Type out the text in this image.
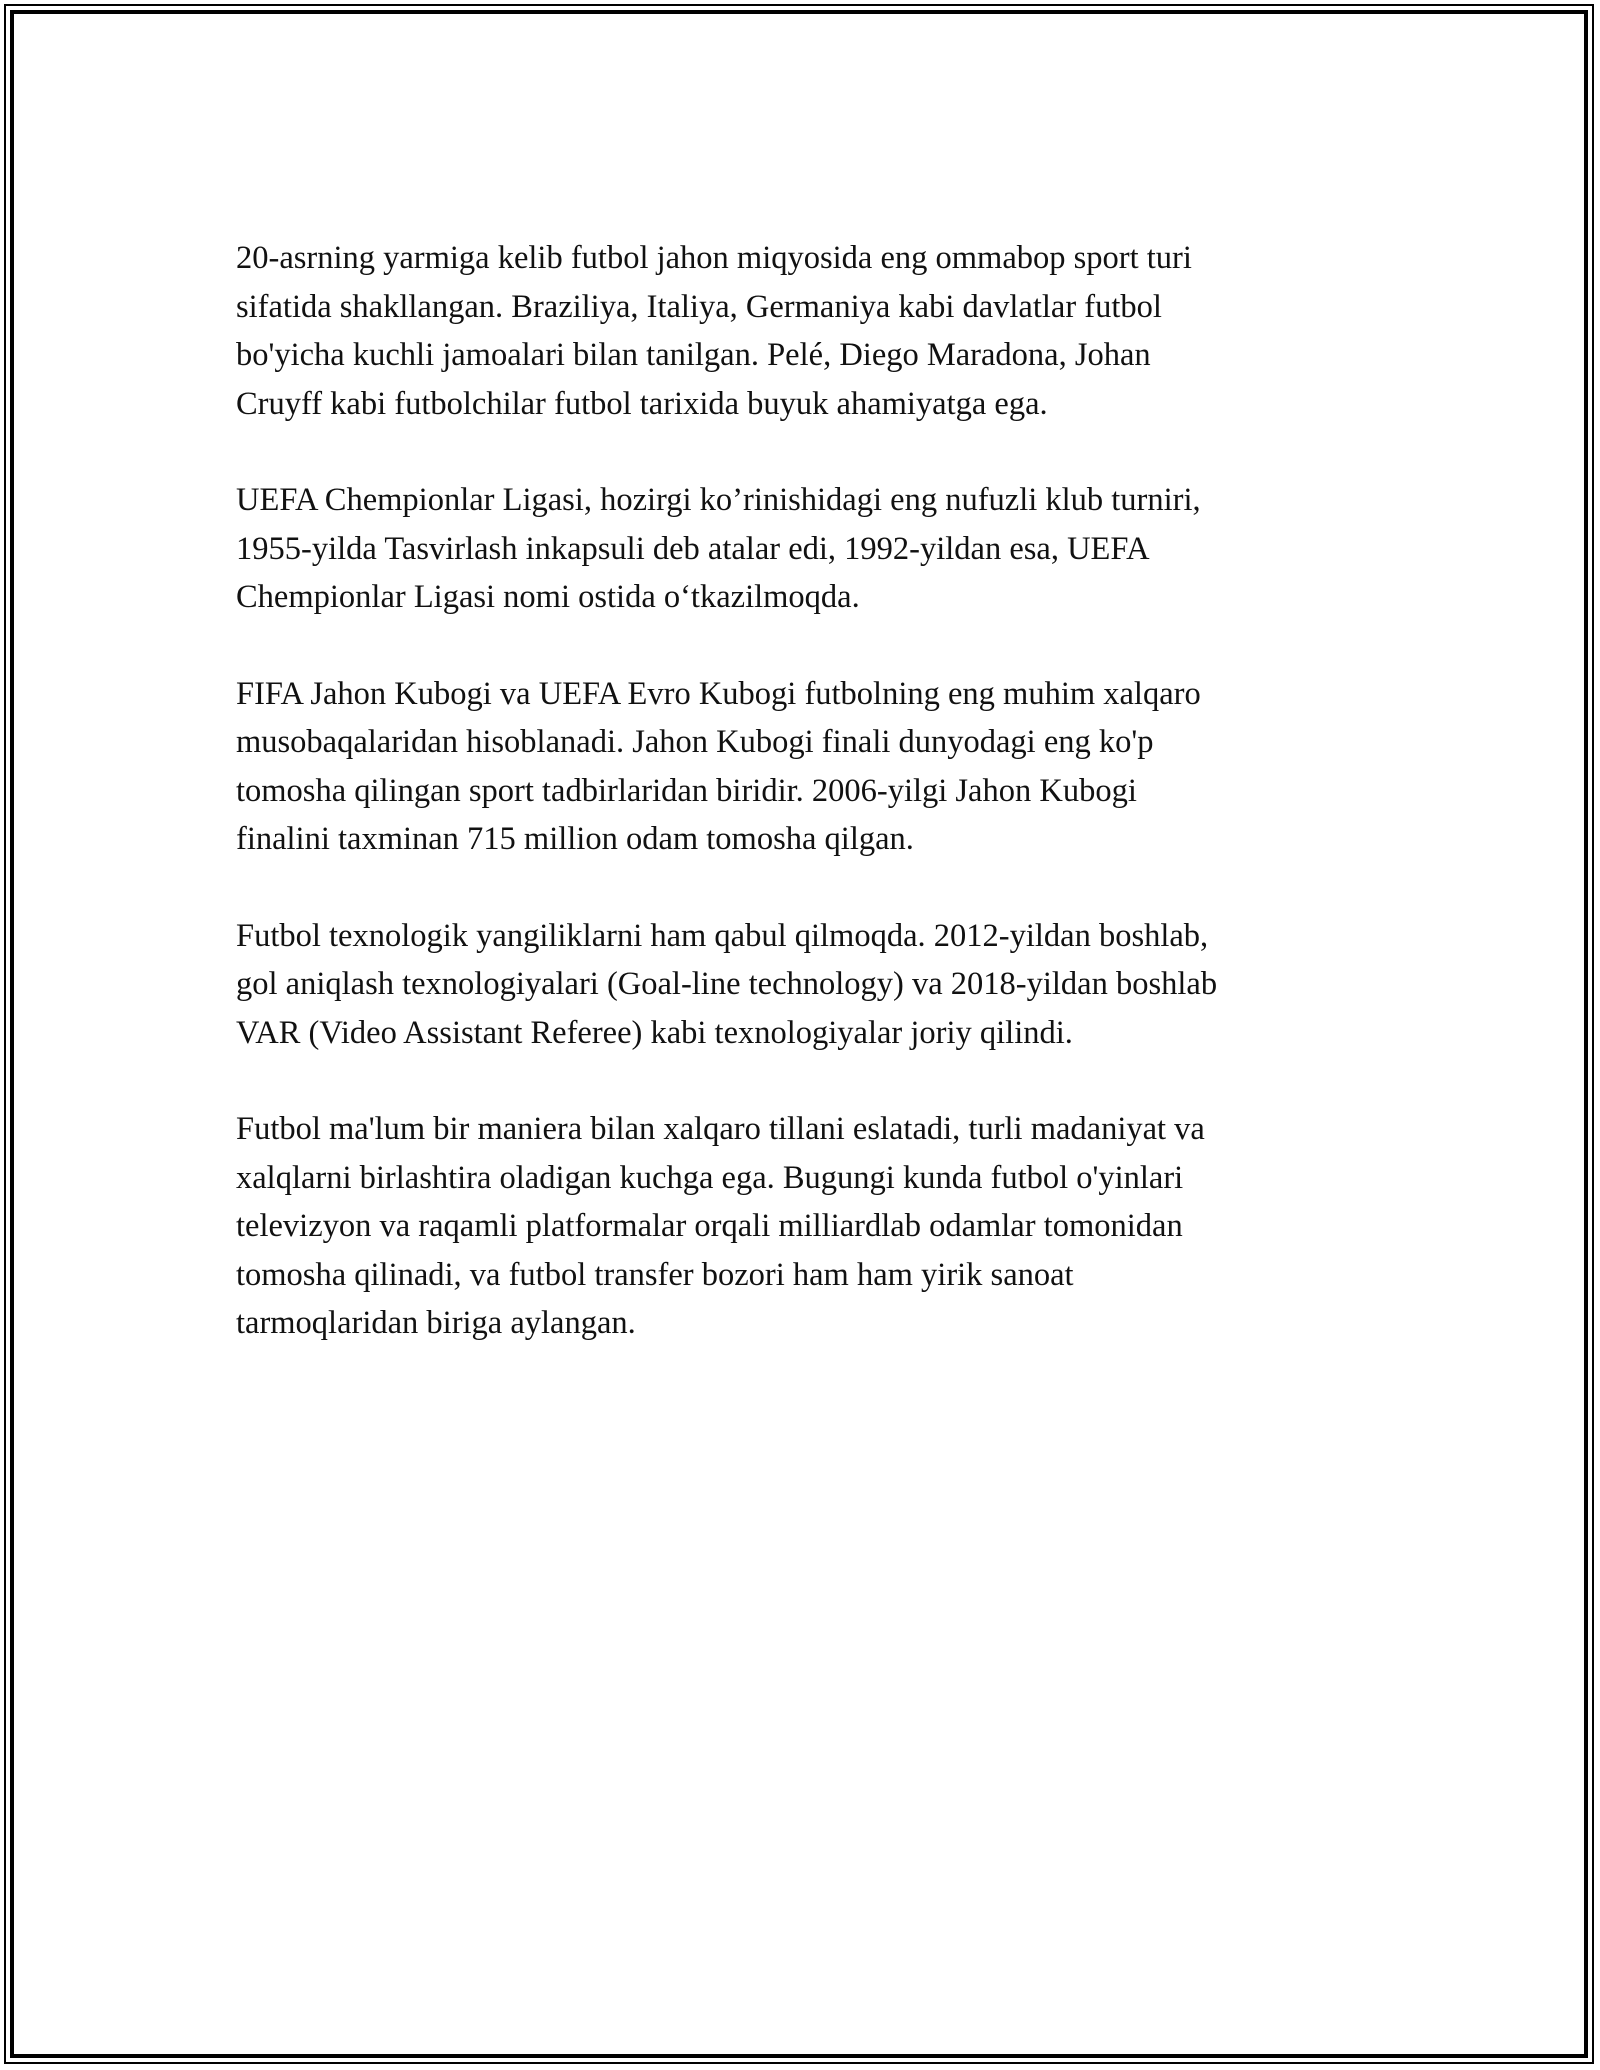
20-asrning yarmiga kelib futbol jahon miqyosida eng ommabop sport turi
sifatida shakllangan. Braziliya, Italiya, Germaniya kabi davlatlar futbol
bo'yicha kuchli jamoalari bilan tanilgan. Pelé, Diego Maradona, Johan
Cruyff kabi futbolchilar futbol tarixida buyuk ahamiyatga ega.

UEFA Chempionlar Ligasi, hozirgi ko’rinishidagi eng nufuzli klub turniri,
1955-yilda Tasvirlash inkapsuli deb atalar edi, 1992-yildan esa, UEFA
Chempionlar Ligasi nomi ostida o‘tkazilmoqda.

FIFA Jahon Kubogi va UEFA Evro Kubogi futbolning eng muhim xalqaro
musobaqalaridan hisoblanadi. Jahon Kubogi finali dunyodagi eng ko'p
tomosha qilingan sport tadbirlaridan biridir. 2006-yilgi Jahon Kubogi
finalini taxminan 715 million odam tomosha qilgan.

Futbol texnologik yangiliklarni ham qabul qilmoqda. 2012-yildan boshlab,
gol aniqlash texnologiyalari (Goal-line technology) va 2018-yildan boshlab
VAR (Video Assistant Referee) kabi texnologiyalar joriy qilindi.

Futbol ma'lum bir maniera bilan xalqaro tillani eslatadi, turli madaniyat va
xalqlarni birlashtira oladigan kuchga ega. Bugungi kunda futbol o'yinlari
televizyon va raqamli platformalar orqali milliardlab odamlar tomonidan
tomosha qilinadi, va futbol transfer bozori ham ham yirik sanoat
tarmoqlaridan biriga aylangan.
